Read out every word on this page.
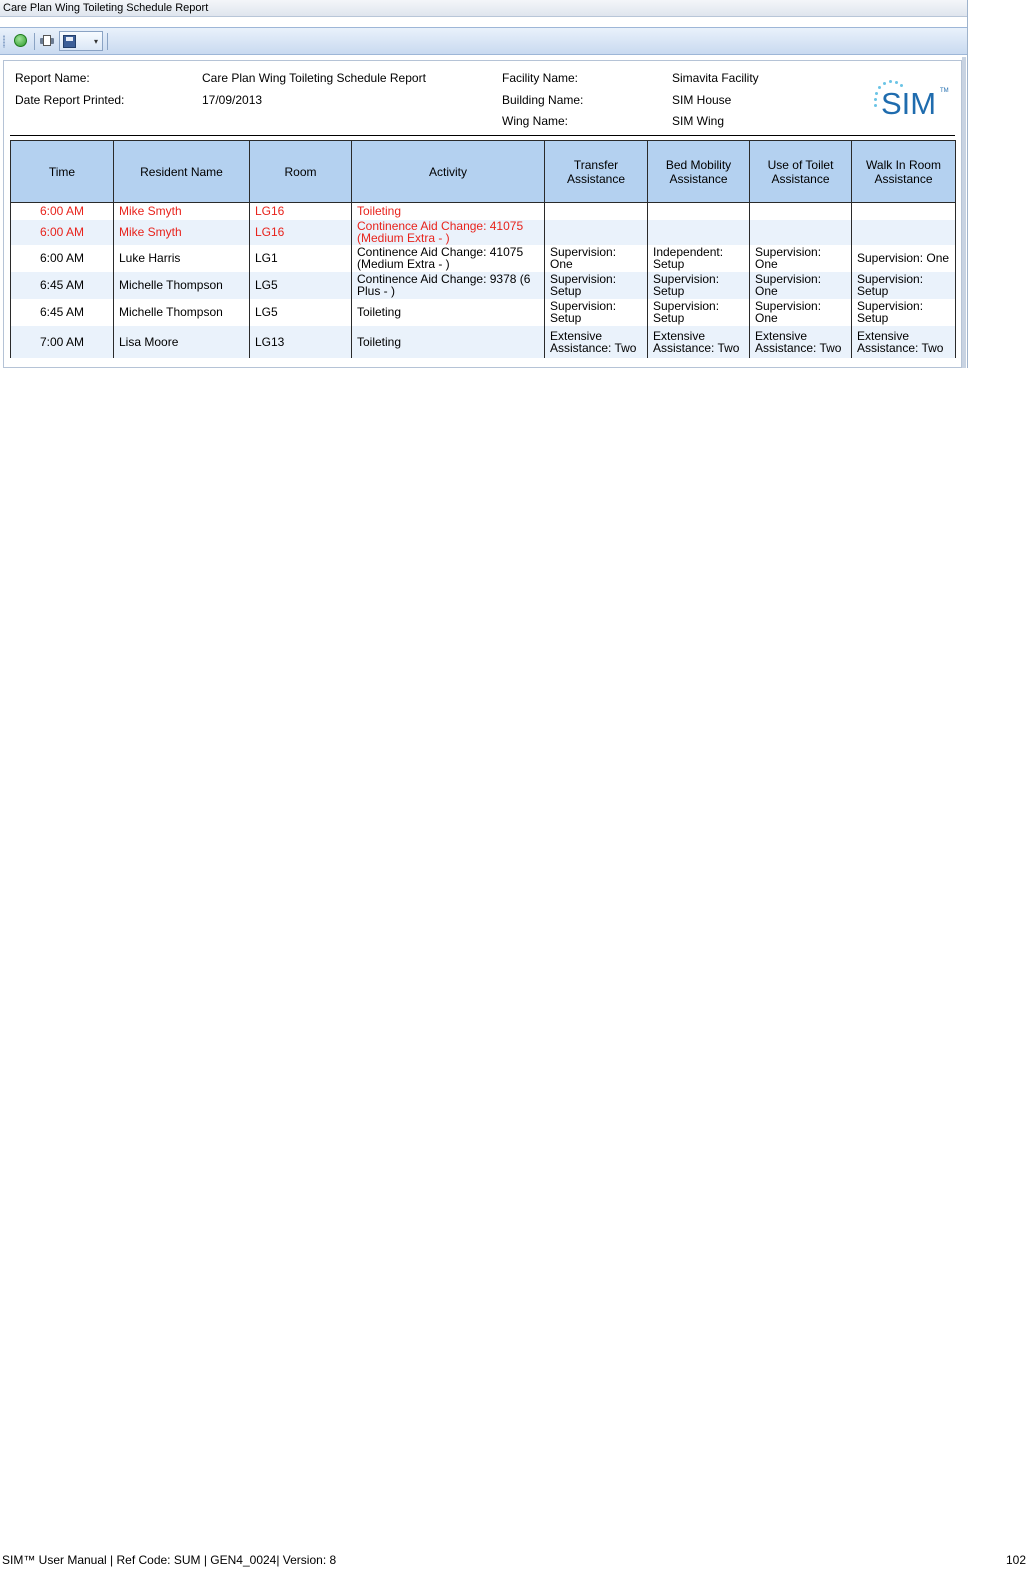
Care Plan Wing Toileting Schedule Report
▾
Report Name:	Care Plan Wing Toileting Schedule Report
Date Report Printed:	17/09/2013
Facility Name:	Simavita Facility
Building Name:	SIM House
Wing Name:	SIM Wing	SIM TM
Time	Resident Name	Room	Activity	Transfer Assistance	Bed Mobility Assistance	Use of Toilet Assistance	Walk In Room Assistance
6:00 AM	Mike Smyth	LG16	Toileting				
6:00 AM	Mike Smyth	LG16	Continence Aid Change: 41075 (Medium Extra - )				
6:00 AM	Luke Harris	LG1	Continence Aid Change: 41075 (Medium Extra - )	Supervision: One	Independent: Setup	Supervision: One	Supervision: One
6:45 AM	Michelle Thompson	LG5	Continence Aid Change: 9378 (6 Plus - )	Supervision: Setup	Supervision: Setup	Supervision: One	Supervision: Setup
6:45 AM	Michelle Thompson	LG5	Toileting	Supervision: Setup	Supervision: Setup	Supervision: One	Supervision: Setup
7:00 AM	Lisa Moore	LG13	Toileting	Extensive Assistance: Two	Extensive Assistance: Two	Extensive Assistance: Two	Extensive Assistance: Two
SIM™ User Manual | Ref Code: SUM | GEN4_0024| Version: 8	102
